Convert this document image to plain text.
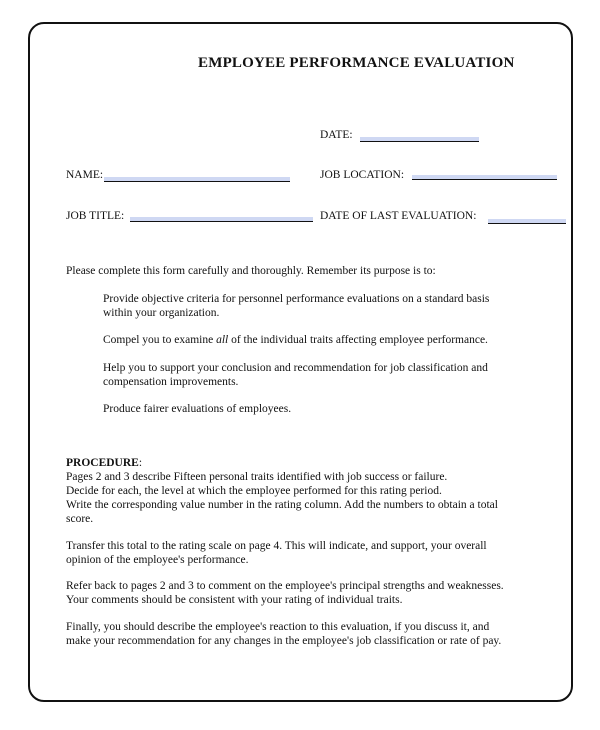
EMPLOYEE PERFORMANCE EVALUATION
DATE:
NAME:	JOB LOCATION:
JOB TITLE:	DATE OF LAST EVALUATION:
Please complete this form carefully and thoroughly. Remember its purpose is to:
Provide objective criteria for personnel performance evaluations on a standard basis
within your organization.
Compel you to examine all of the individual traits affecting employee performance.
Help you to support your conclusion and recommendation for job classification and
compensation improvements.
Produce fairer evaluations of employees.
PROCEDURE:
Pages 2 and 3 describe Fifteen personal traits identified with job success or failure.
Decide for each, the level at which the employee performed for this rating period.
Write the corresponding value number in the rating column. Add the numbers to obtain a total
score.
Transfer this total to the rating scale on page 4. This will indicate, and support, your overall
opinion of the employee's performance.
Refer back to pages 2 and 3 to comment on the employee's principal strengths and weaknesses.
Your comments should be consistent with your rating of individual traits.
Finally, you should describe the employee's reaction to this evaluation, if you discuss it, and
make your recommendation for any changes in the employee's job classification or rate of pay.
